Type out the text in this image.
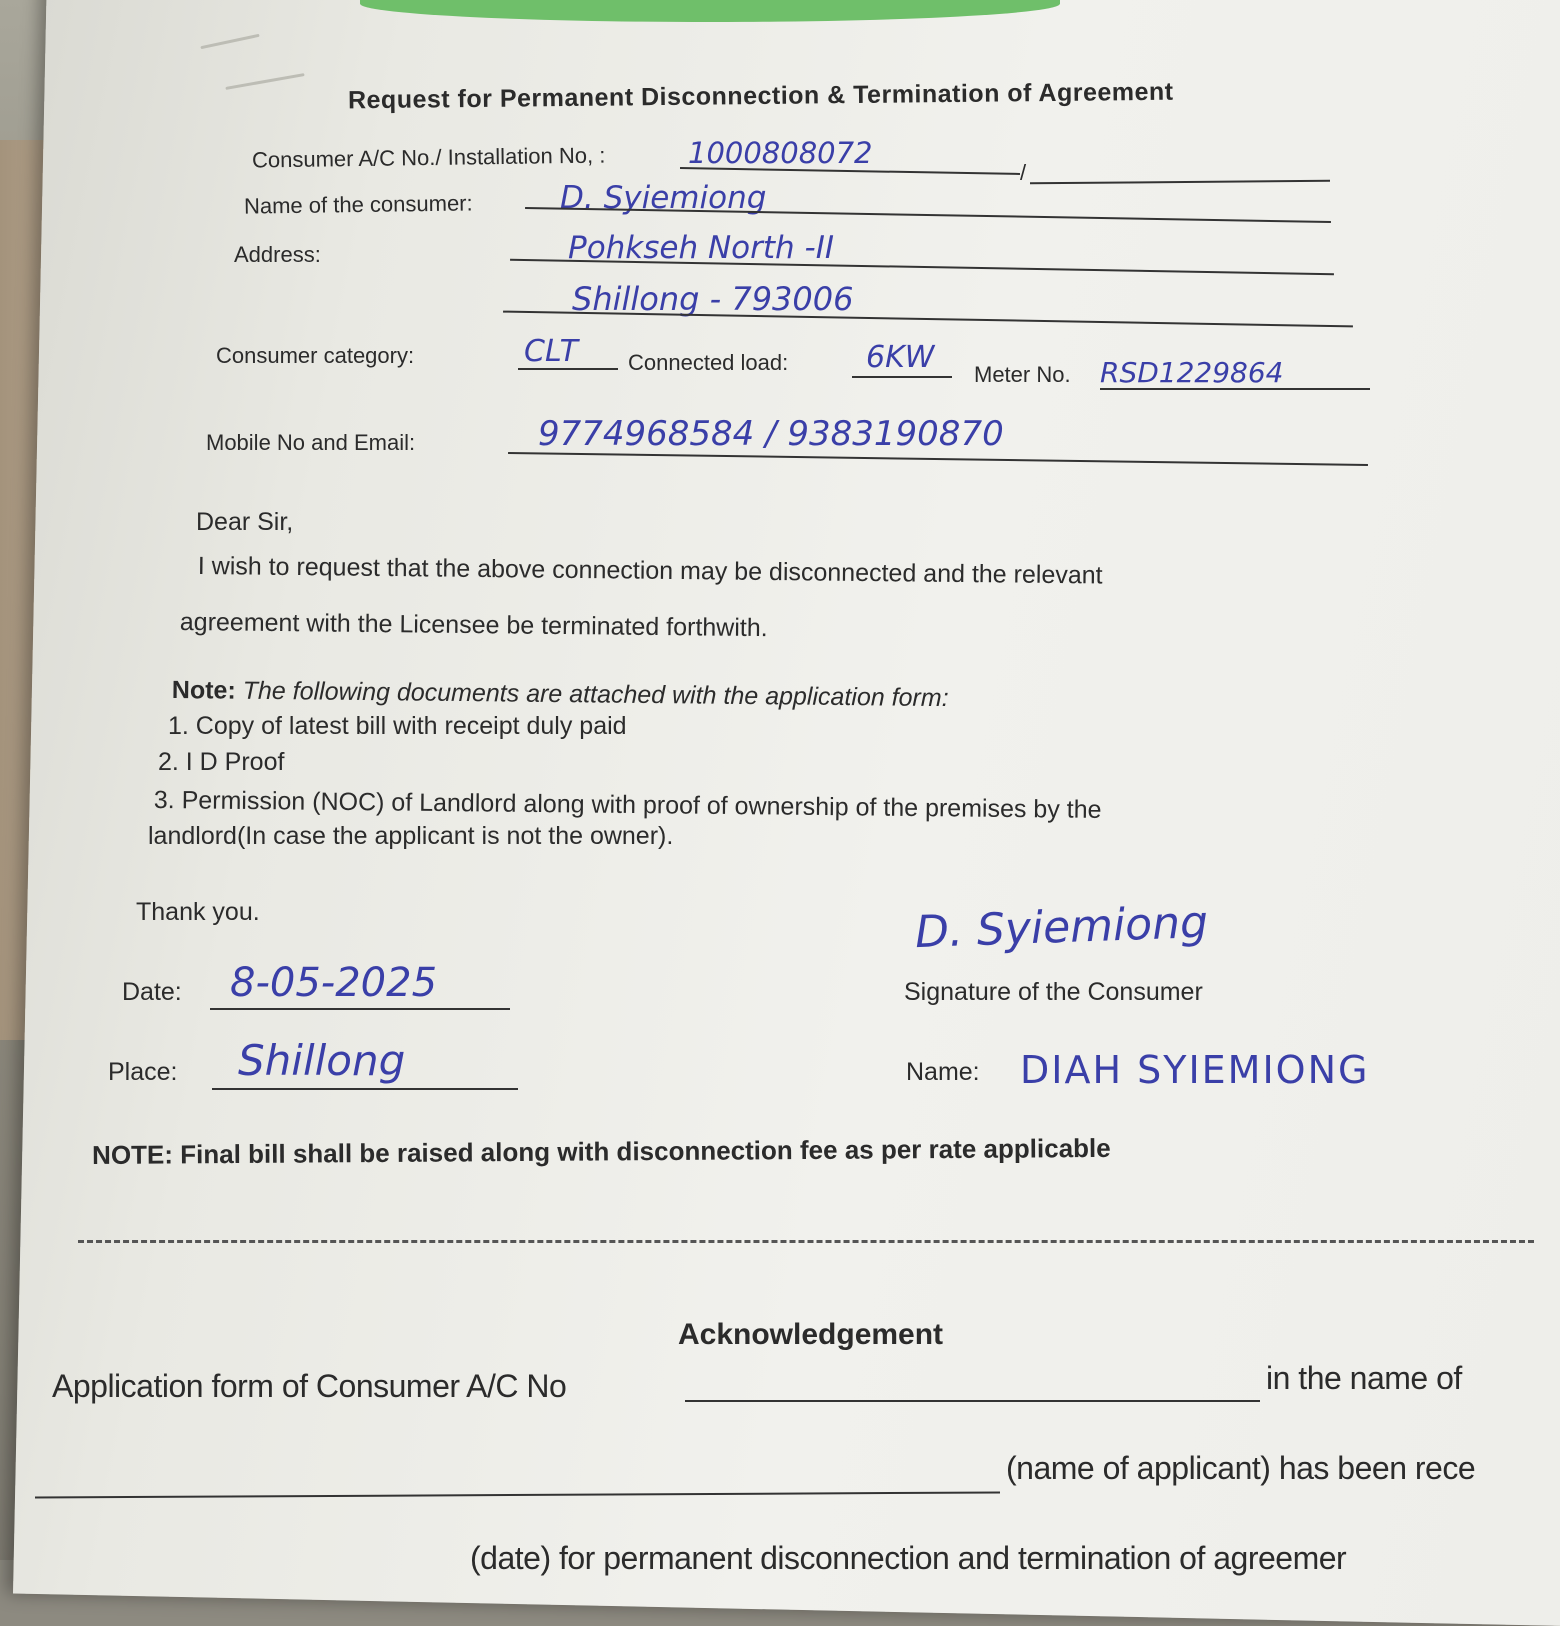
Request for Permanent Disconnection & Termination of Agreement
Consumer A/C No./ Installation No, :	1000808072
/
Name of the consumer:	D. Syiemiong
Address:	Pohkseh North -II
Shillong - 793006
Consumer category:	CLT Connected load:	6KW Meter No. RSD1229864
Mobile No and Email:	9774968584 / 9383190870
Dear Sir,
I wish to request that the above connection may be disconnected and the relevant
agreement with the Licensee be terminated forthwith.
Note: The following documents are attached with the application form:
1. Copy of latest bill with receipt duly paid
2. I D Proof
3. Permission (NOC) of Landlord along with proof of ownership of the premises by the
landlord(In case the applicant is not the owner).
Thank you.
Date: 8-05-2025
Place: Shillong
D. Syiemiong
Signature of the Consumer
Name: DIAH SYIEMIONG
NOTE: Final bill shall be raised along with disconnection fee as per rate applicable
Acknowledgement
Application form of Consumer A/C No	in the name of
(name of applicant) has been rece
(date) for permanent disconnection and termination of agreemer
